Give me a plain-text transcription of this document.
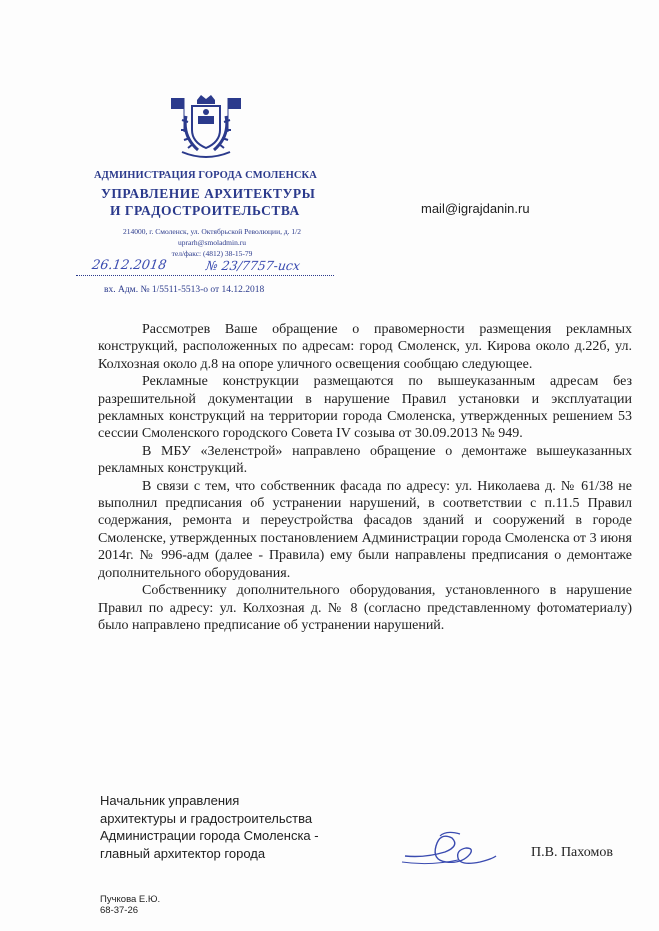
АДМИНИСТРАЦИЯ ГОРОДА СМОЛЕНСКА
УПРАВЛЕНИЕ АРХИТЕКТУРЫ
И ГРАДОСТРОИТЕЛЬСТВА
214000, г. Смоленск, ул. Октябрьской Революции, д. 1/2
uprarh@smoladmin.ru
тел/факс: (4812) 38-15-79
mail@igrajdanin.ru
26.12.2018	№ 23/7757-исх
вх. Адм. № 1/5511-5513-о от 14.12.2018

Рассмотрев Ваше обращение о правомерности размещения рекламных конструкций, расположенных по адресам: город Смоленск, ул. Кирова около д.22б, ул. Колхозная около д.8 на опоре уличного освещения сообщаю следующее.

Рекламные конструкции размещаются по вышеуказанным адресам без разрешительной документации в нарушение Правил установки и эксплуатации рекламных конструкций на территории города Смоленска, утвержденных решением 53 сессии Смоленского городского Совета IV созыва от 30.09.2013 № 949.

В МБУ «Зеленстрой» направлено обращение о демонтаже вышеуказанных рекламных конструкций.

В связи с тем, что собственник фасада по адресу: ул. Николаева д. № 61/38 не выполнил предписания об устранении нарушений, в соответствии с п.11.5 Правил содержания, ремонта и переустройства фасадов зданий и сооружений в городе Смоленске, утвержденных постановлением Администрации города Смоленска от 3 июня 2014г. № 996-адм (далее - Правила) ему были направлены предписания о демонтаже дополнительного оборудования.

Собственнику дополнительного оборудования, установленного в нарушение Правил по адресу: ул. Колхозная д. № 8 (согласно представленному фотоматериалу) было направлено предписание об устранении нарушений.

Начальник управления
архитектуры и градостроительства
Администрации города Смоленска -
главный архитектор города	П.В. Пахомов
Пучкова Е.Ю.
68-37-26
